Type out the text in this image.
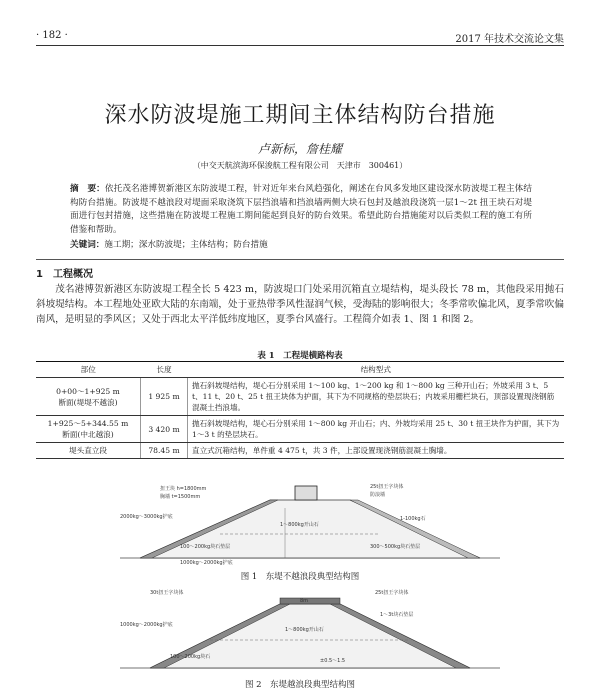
· 182 ·	2017 年技术交流论文集
深水防波堤施工期间主体结构防台措施
卢新标，詹桂耀
（中交天航滨海环保浚航工程有限公司　天津市　300461）
摘　要：依托茂名港博贺新港区东防波堤工程，针对近年来台风趋强化，阐述在台风多发地区建设深水防波堤工程主体结构防台措施。防波堤不越浪段对堤面采取浇筑下层挡浪墙和挡浪墙两侧大块石包封及越浪段浇筑一层1～2t 扭王块石对堤面进行包封措施，这些措施在防波堤工程施工期间能起到良好的防台效果。希望此防台措施能对以后类似工程的施工有所借鉴和帮助。
关键词：施工期；深水防波堤；主体结构；防台措施
1　工程概况
茂名港博贺新港区东防波堤工程全长 5 423 m，防波堤口门处采用沉箱直立堤结构，堤头段长 78 m，其他段采用抛石斜坡堤结构。本工程地处亚欧大陆的东南端，处于亚热带季风性湿润气候，受海陆的影响很大；冬季常吹偏北风，夏季常吹偏南风，是明显的季风区；又处于西北太平洋低纬度地区，夏季台风盛行。工程简介如表 1、图 1 和图 2。
表 1　工程堤横路构表
部位	长度	结构型式

0+00～1+925 m
断面(堤堤不越浪)	1 925 m	抛石斜坡堤结构，堤心石分别采用 1～100 kg、1～200 kg 和 1～800 kg 三种开山石；外坡采用 3 t、5 t、11 t、20 t、25 t 扭王块体为护面，其下为不同规格的垫层块石；内坡采用栅栏块石，顶部设置现浇钢筋混凝土挡浪墙。

1+925～5+344.55 m
断面(中北越浪)	3 420 m	抛石斜坡堤结构，堤心石分别采用 1～800 kg 开山石；内、外坡均采用 25 t、30 t 扭王块作为护面，其下为 1～3 t 的垫层块石。
堤头直立段	78.45 m	直立式沉箱结构，单件重 4 475 t，共 3 件，上部设置现浇钢筋混凝土胸墙。
扭王块 h=1800mm
胸墙 t=1500mm
25t扭王字块体
防浪墙
2000kg～3000kg护底	1-100kg石
1～800kg开山石
100～200kg块石垫层	300～500kg块石垫层
1000kg～2000kg护底
图 1　东堤不越浪段典型结构图
30t扭王字块体	25t扭王字块体
1～3t块石垫层
1～800kg开山石
1000kg～2000kg护底
100～200kg块石
8m
±0.5～1.5
图 2　东堤越浪段典型结构图
